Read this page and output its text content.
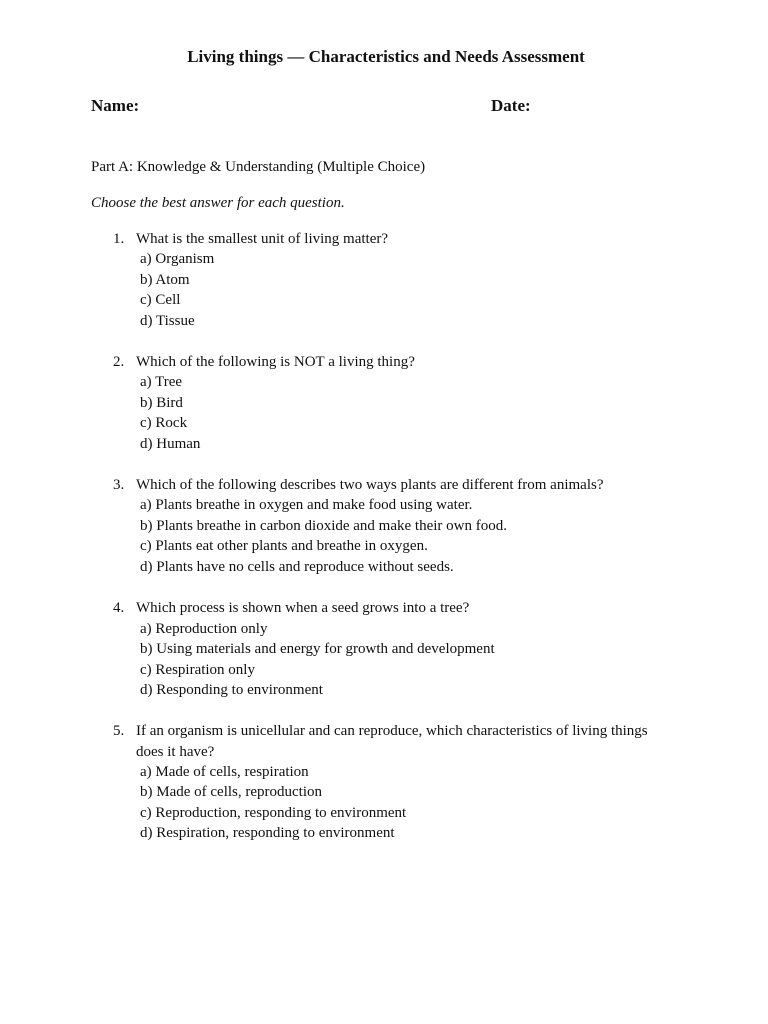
Living things — Characteristics and Needs Assessment
Name:	Date:
Part A: Knowledge & Understanding (Multiple Choice)
Choose the best answer for each question.
1. What is the smallest unit of living matter?
a) Organism
b) Atom
c) Cell
d) Tissue
2. Which of the following is NOT a living thing?
a) Tree
b) Bird
c) Rock
d) Human
3. Which of the following describes two ways plants are different from animals?
a) Plants breathe in oxygen and make food using water.
b) Plants breathe in carbon dioxide and make their own food.
c) Plants eat other plants and breathe in oxygen.
d) Plants have no cells and reproduce without seeds.
4. Which process is shown when a seed grows into a tree?
a) Reproduction only
b) Using materials and energy for growth and development
c) Respiration only
d) Responding to environment
5. If an organism is unicellular and can reproduce, which characteristics of living things does it have?
a) Made of cells, respiration
b) Made of cells, reproduction
c) Reproduction, responding to environment
d) Respiration, responding to environment
